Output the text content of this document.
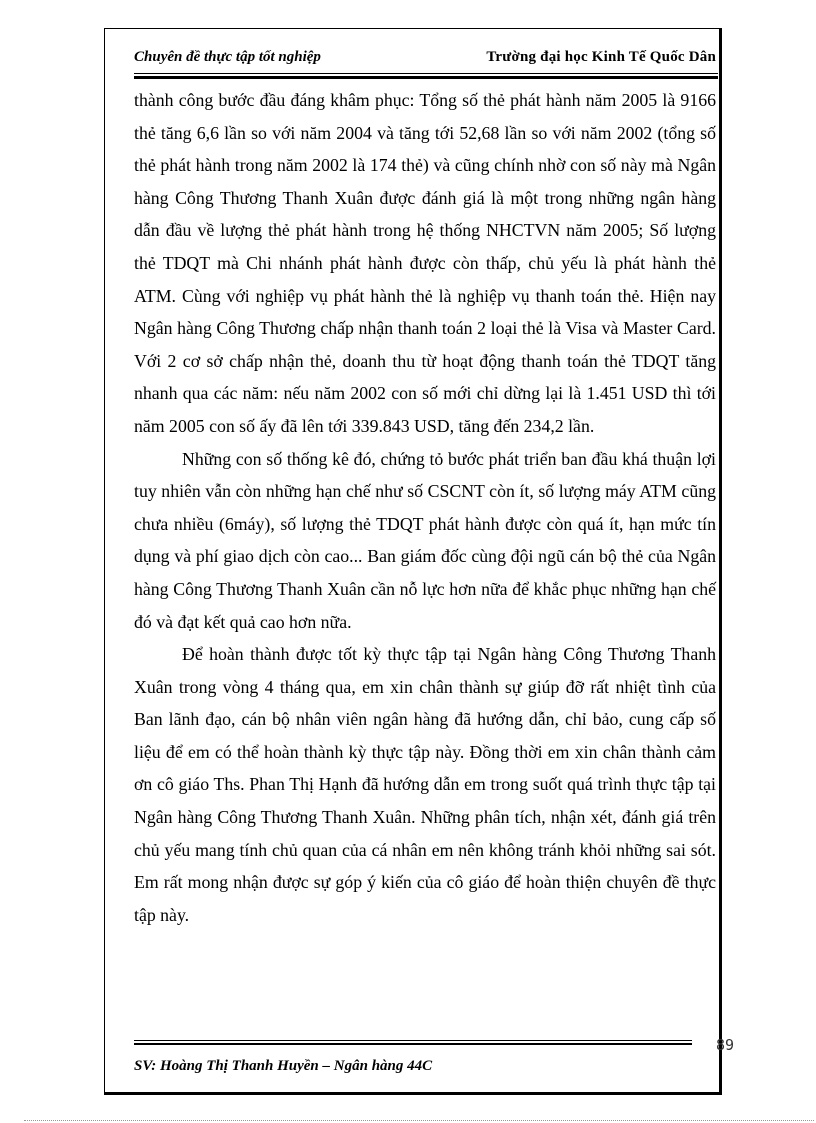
Chuyên đề thực tập tốt nghiệp	Trường đại học Kinh Tế Quốc Dân

thành công bước đầu đáng khâm phục: Tổng số thẻ phát hành năm 2005 là 9166 thẻ tăng 6,6 lần so với năm 2004 và tăng tới 52,68 lần so với năm 2002 (tổng số thẻ phát hành trong năm 2002 là 174 thẻ) và cũng chính nhờ con số này mà Ngân hàng Công Thương Thanh Xuân được đánh giá là một trong những ngân hàng dẫn đầu về lượng thẻ phát hành trong hệ thống NHCTVN năm 2005; Số lượng thẻ TDQT mà Chi nhánh phát hành được còn thấp, chủ yếu là phát hành thẻ ATM. Cùng với nghiệp vụ phát hành thẻ là nghiệp vụ thanh toán thẻ. Hiện nay Ngân hàng Công Thương chấp nhận thanh toán 2 loại thẻ là Visa và Master Card. Với 2 cơ sở chấp nhận thẻ, doanh thu từ hoạt động thanh toán thẻ TDQT tăng nhanh qua các năm: nếu năm 2002 con số mới chỉ dừng lại là 1.451 USD thì tới năm 2005 con số ấy đã lên tới 339.843 USD, tăng đến 234,2 lần.

Những con số thống kê đó, chứng tỏ bước phát triển ban đầu khá thuận lợi tuy nhiên vẫn còn những hạn chế như số CSCNT còn ít, số lượng máy ATM cũng chưa nhiều (6máy), số lượng thẻ TDQT phát hành được còn quá ít, hạn mức tín dụng và phí giao dịch còn cao... Ban giám đốc cùng đội ngũ cán bộ thẻ của Ngân hàng Công Thương Thanh Xuân cần nỗ lực hơn nữa để khắc phục những hạn chế đó và đạt kết quả cao hơn nữa.

Để hoàn thành được tốt kỳ thực tập tại Ngân hàng Công Thương Thanh Xuân trong vòng 4 tháng qua, em xin chân thành sự giúp đỡ rất nhiệt tình của Ban lãnh đạo, cán bộ nhân viên ngân hàng đã hướng dẫn, chỉ bảo, cung cấp số liệu để em có thể hoàn thành kỳ thực tập này. Đồng thời em xin chân thành cảm ơn cô giáo Ths. Phan Thị Hạnh đã hướng dẫn em trong suốt quá trình thực tập tại Ngân hàng Công Thương Thanh Xuân. Những phân tích, nhận xét, đánh giá trên chủ yếu mang tính chủ quan của cá nhân em nên không tránh khỏi những sai sót. Em rất mong nhận được sự góp ý kiến của cô giáo để hoàn thiện chuyên đề thực tập này.

89
SV: Hoàng Thị Thanh Huyền – Ngân hàng 44C
